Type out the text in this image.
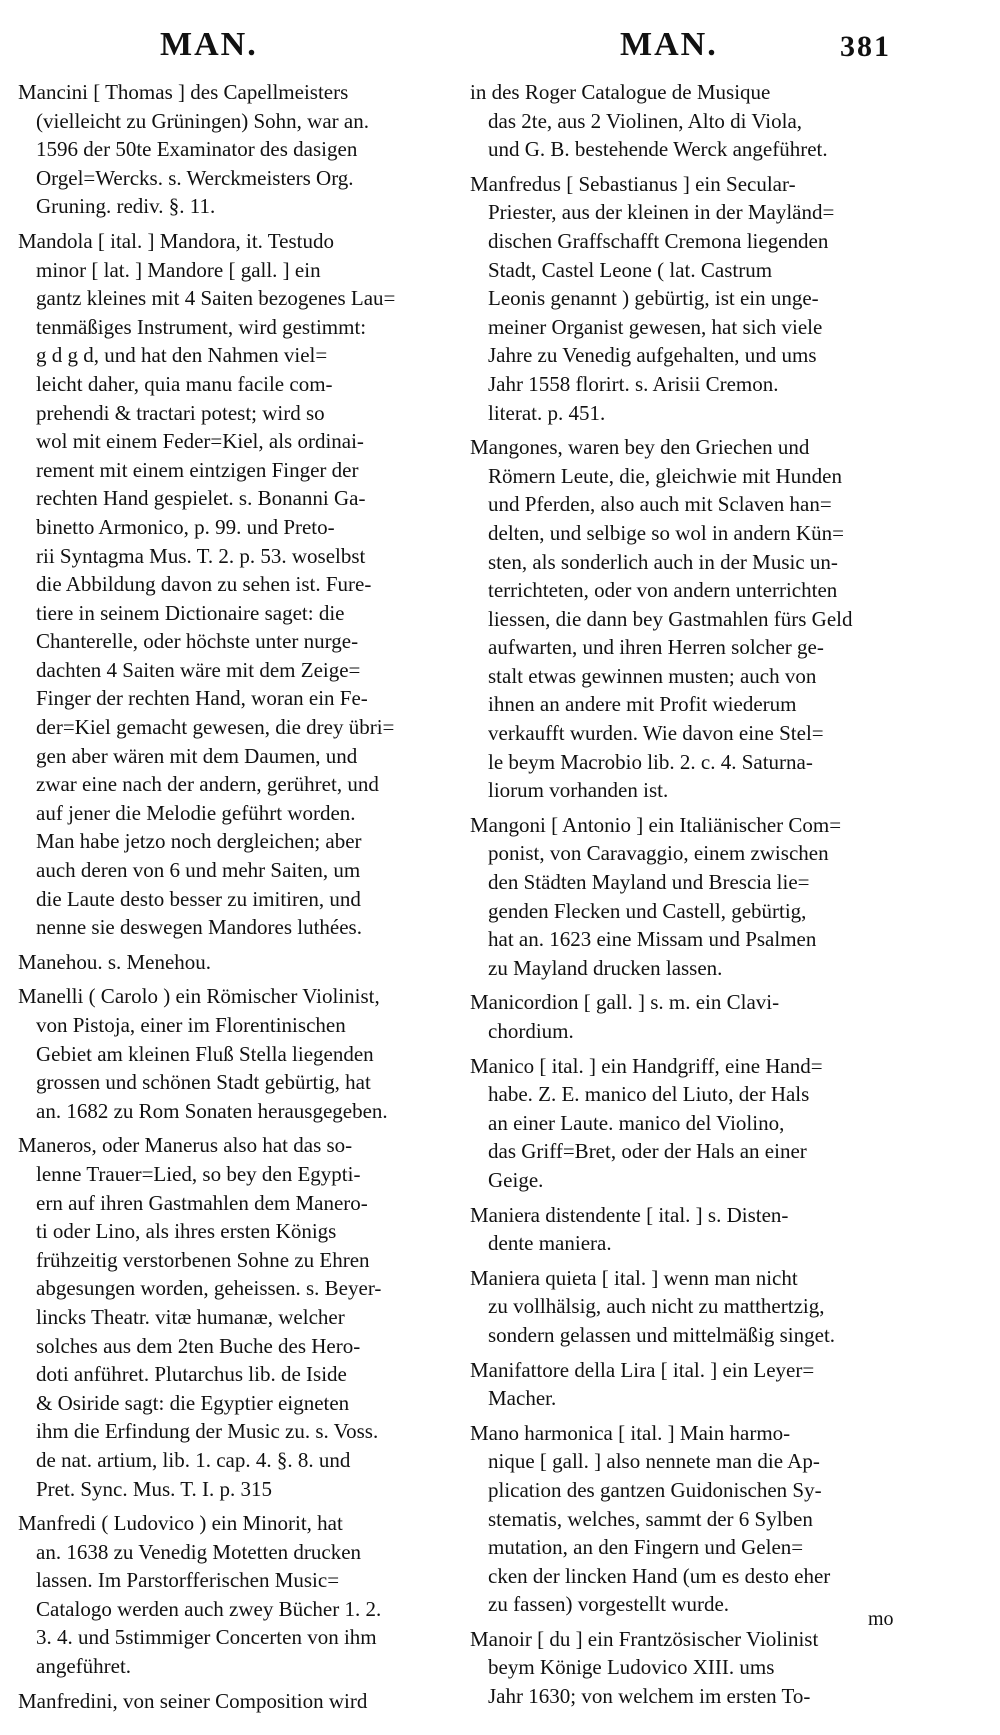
MAN.	MAN.	381
Mancini [ Thomas ] des Capellmeisters
(vielleicht zu Grüningen) Sohn, war an.
1596 der 50te Examinator des dasigen
Orgel=Wercks. s. Werckmeisters Org.
Gruning. rediv. §. 11.
Mandola [ ital. ] Mandora, it. Testudo
minor [ lat. ] Mandore [ gall. ] ein
gantz kleines mit 4 Saiten bezogenes Lau=
tenmäßiges Instrument, wird gestimmt:
g d g d, und hat den Nahmen viel=
leicht daher, quia manu facile com-
prehendi & tractari potest; wird so
wol mit einem Feder=Kiel, als ordinai-
rement mit einem eintzigen Finger der
rechten Hand gespielet. s. Bonanni Ga-
binetto Armonico, p. 99. und Preto-
rii Syntagma Mus. T. 2. p. 53. woselbst
die Abbildung davon zu sehen ist. Fure-
tiere in seinem Dictionaire saget: die
Chanterelle, oder höchste unter nurge-
dachten 4 Saiten wäre mit dem Zeige=
Finger der rechten Hand, woran ein Fe-
der=Kiel gemacht gewesen, die drey übri=
gen aber wären mit dem Daumen, und
zwar eine nach der andern, gerühret, und
auf jener die Melodie geführt worden.
Man habe jetzo noch dergleichen; aber
auch deren von 6 und mehr Saiten, um
die Laute desto besser zu imitiren, und
nenne sie deswegen Mandores luthées.
Manehou. s. Menehou.
Manelli ( Carolo ) ein Römischer Violinist,
von Pistoja, einer im Florentinischen
Gebiet am kleinen Fluß Stella liegenden
grossen und schönen Stadt gebürtig, hat
an. 1682 zu Rom Sonaten herausgegeben.
Maneros, oder Manerus also hat das so-
lenne Trauer=Lied, so bey den Egypti-
ern auf ihren Gastmahlen dem Manero-
ti oder Lino, als ihres ersten Königs
frühzeitig verstorbenen Sohne zu Ehren
abgesungen worden, geheissen. s. Beyer-
lincks Theatr. vitæ humanæ, welcher
solches aus dem 2ten Buche des Hero-
doti anführet. Plutarchus lib. de Iside
& Osiride sagt: die Egyptier eigneten
ihm die Erfindung der Music zu. s. Voss.
de nat. artium, lib. 1. cap. 4. §. 8. und
Pret. Sync. Mus. T. I. p. 315
Manfredi ( Ludovico ) ein Minorit, hat
an. 1638 zu Venedig Motetten drucken
lassen. Im Parstorfferischen Music=
Catalogo werden auch zwey Bücher 1. 2.
3. 4. und 5stimmiger Concerten von ihm
angeführet.
Manfredini, von seiner Composition wird
in des Roger Catalogue de Musique
das 2te, aus 2 Violinen, Alto di Viola,
und G. B. bestehende Werck angeführet.
Manfredus [ Sebastianus ] ein Secular-
Priester, aus der kleinen in der Mayländ=
dischen Graffschafft Cremona liegenden
Stadt, Castel Leone ( lat. Castrum
Leonis genannt ) gebürtig, ist ein unge-
meiner Organist gewesen, hat sich viele
Jahre zu Venedig aufgehalten, und ums
Jahr 1558 florirt. s. Arisii Cremon.
literat. p. 451.
Mangones, waren bey den Griechen und
Römern Leute, die, gleichwie mit Hunden
und Pferden, also auch mit Sclaven han=
delten, und selbige so wol in andern Kün=
sten, als sonderlich auch in der Music un-
terrichteten, oder von andern unterrichten
liessen, die dann bey Gastmahlen fürs Geld
aufwarten, und ihren Herren solcher ge-
stalt etwas gewinnen musten; auch von
ihnen an andere mit Profit wiederum
verkaufft wurden. Wie davon eine Stel=
le beym Macrobio lib. 2. c. 4. Saturna-
liorum vorhanden ist.
Mangoni [ Antonio ] ein Italiänischer Com=
ponist, von Caravaggio, einem zwischen
den Städten Mayland und Brescia lie=
genden Flecken und Castell, gebürtig,
hat an. 1623 eine Missam und Psalmen
zu Mayland drucken lassen.
Manicordion [ gall. ] s. m. ein Clavi-
chordium.
Manico [ ital. ] ein Handgriff, eine Hand=
habe. Z. E. manico del Liuto, der Hals
an einer Laute. manico del Violino,
das Griff=Bret, oder der Hals an einer
Geige.
Maniera distendente [ ital. ] s. Disten-
dente maniera.
Maniera quieta [ ital. ] wenn man nicht
zu vollhälsig, auch nicht zu matthertzig,
sondern gelassen und mittelmäßig singet.
Manifattore della Lira [ ital. ] ein Leyer=
Macher.
Mano harmonica [ ital. ] Main harmo-
nique [ gall. ] also nennete man die Ap-
plication des gantzen Guidonischen Sy-
stematis, welches, sammt der 6 Sylben
mutation, an den Fingern und Gelen=
cken der lincken Hand (um es desto eher
zu fassen) vorgestellt wurde.
Manoir [ du ] ein Frantzösischer Violinist
beym Könige Ludovico XIII. ums
Jahr 1630; von welchem im ersten To-
mo
